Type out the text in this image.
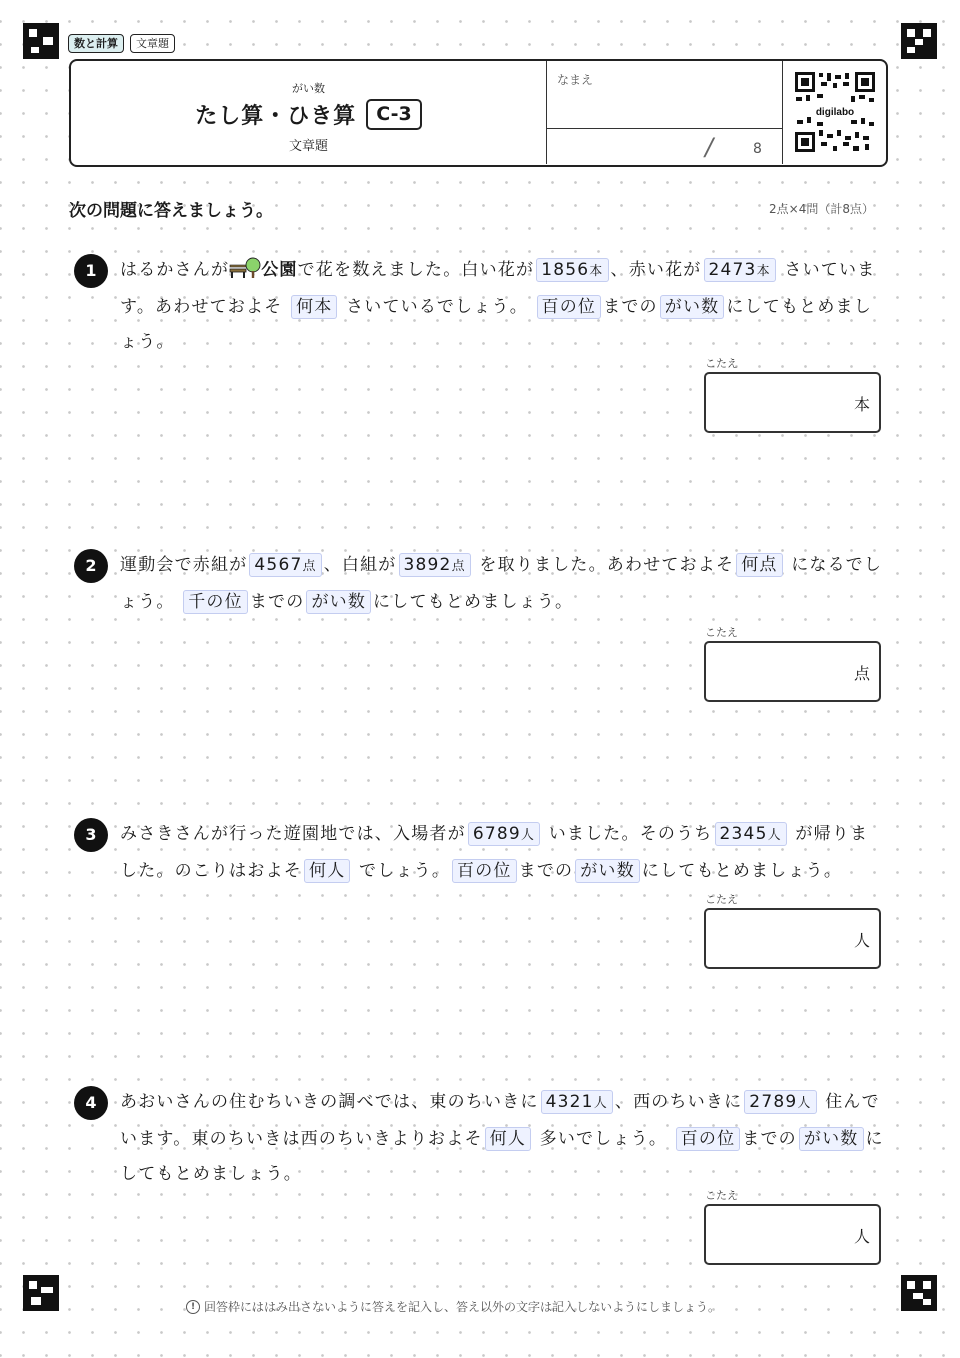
数と計算	文章題
がい数
たし算・ひき算	C-3
文章題
なまえ
/	8
digilabo
次の問題に答えましょう。	2点×4問（計8点）
1	はるかさんが 公園で花を数えました。白い花が 1856本 、赤い花が 2473本 さいています。あわせておよそ 何本 さいているでしょう。 百の位 までの がい数 にしてもとめましょう。
こたえ
本
2	運動会で赤組が 4567点 、白組が 3892点 を取りました。あわせておよそ 何点 になるでしょう。 千の位 までの がい数 にしてもとめましょう。
こたえ
点
3	みさきさんが行った遊園地では、入場者が 6789人 いました。そのうち 2345人 が帰りました。のこりはおよそ 何人 でしょう。 百の位 までの がい数 にしてもとめましょう。
こたえ
人
4	あおいさんの住むちいきの調べでは、東のちいきに 4321人 、西のちいきに 2789人 住んでいます。東のちいきは西のちいきよりおよそ 何人 多いでしょう。 百の位 までの がい数 にしてもとめましょう。
こたえ
人
! 回答枠にははみ出さないように答えを記入し、答え以外の文字は記入しないようにしましょう。
